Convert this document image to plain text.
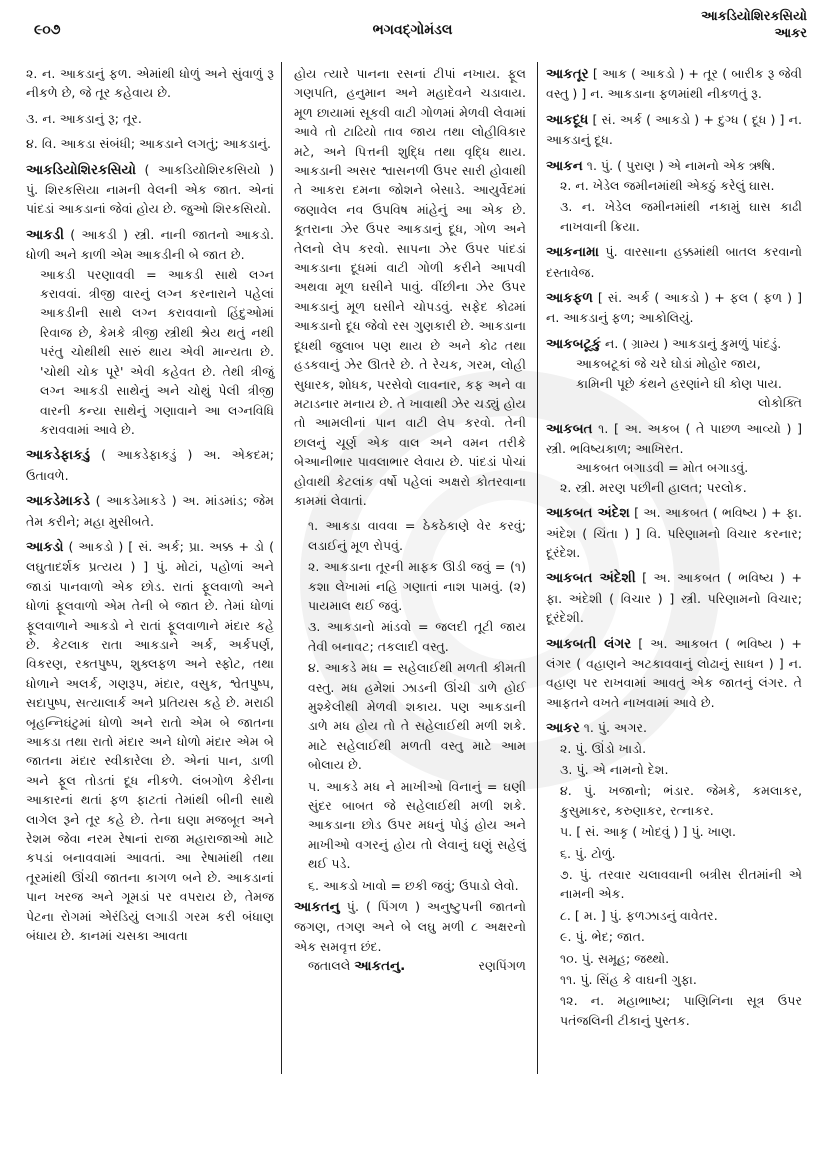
૯૦૭	ભગવદ્ગોમંડલ
આકડિયોશિરકસિયો
આકર

૨. ન. આકડાનું ફળ. એમાંથી ધોળું અને સુંવાળું રૂ નીકળે છે, જે તૂર કહેવાય છે.

૩. ન. આકડાનું રૂ; તૂર.

૪. વિ. આકડા સંબંધી; આકડાને લગતું; આકડાનું.

આકડિયોશિરકસિયો ( આકડિયોશિરકસિયો ) પું. શિરકસિયા નામની વેલની એક જાત. એનાં પાંદડાં આકડાનાં જેવાં હોય છે. જુઓ શિરકસિયો.
આકડી ( આકડી ) સ્ત્રી. નાની જાતનો આકડો. ધોળી અને કાળી એમ આકડીની બે જાત છે.

આકડી પરણાવવી = આકડી સાથે લગ્ન કરાવવાં. ત્રીજી વારનું લગ્ન કરનારાને પહેલાં આકડીની સાથે લગ્ન કરાવવાનો હિંદુઓમાં રિવાજ છે, કેમકે ત્રીજી સ્ત્રીથી શ્રેય થતું નથી પરંતુ ચોથીથી સારું થાય એવી માન્યતા છે. 'ચોથી ચોક પૂરે' એવી કહેવત છે. તેથી ત્રીજું લગ્ન આકડી સાથેનું અને ચોથું પેલી ત્રીજી વારની કન્યા સાથેનું ગણાવાને આ લગ્નવિધિ કરાવવામાં આવે છે.

આકડેફાકડું ( આકડેફાકડું ) અ. એકદમ; ઉતાવળે.
આકડેમાકડે ( આકડેમાકડે ) અ. માંડમાંડ; જેમ તેમ કરીને; મહા મુસીબતે.
આકડો ( આકડો ) [ સં. અર્ક; પ્રા. અક્ક + ડો ( લઘુતાદર્શક પ્રત્યય ) ] પું. મોટાં, પહોળાં અને જાડાં પાનવાળો એક છોડ. રાતાં ફૂલવાળો અને ધોળાં ફૂલવાળો એમ તેની બે જાત છે. તેમાં ધોળાં ફૂલવાળાને આકડો ને રાતાં ફૂલવાળાને મંદાર કહે છે. કેટલાક રાતા આકડાને અર્ક, અર્કપર્ણ, વિકરણ, રક્તપુષ્પ, શુક્લફળ અને સ્ફોટ, તથા ધોળાને અલર્ક, ગણરૂપ, મંદાર, વસુક, શ્વેતપુષ્પ, સદાપુષ્પ, સત્યાલાર્ક અને પ્રતિયસ કહે છે. મરાઠી બૃહન્નિઘંટુમાં ધોળો અને રાતો એમ બે જાતના આકડા તથા રાતો મંદાર અને ધોળો મંદાર એમ બે જાતના મંદાર સ્વીકારેલા છે. એનાં પાન, ડાળી અને ફૂલ તોડતાં દૂધ નીકળે. લંબગોળ કેરીના આકારનાં થતાં ફળ ફાટતાં તેમાંથી બીની સાથે લાગેલ રૂને તૂર કહે છે. તેના ઘણા મજબૂત અને રેશમ જેવા નરમ રેષાનાં રાજા મહારાજાઓ માટે કપડાં બનાવવામાં આવતાં. આ રેષામાંથી તથા તૂરમાંથી ઊંચી જાતના કાગળ બને છે. આકડાનાં પાન ખરજ અને ગૂમડાં પર વપરાય છે, તેમજ પેટના રોગમાં એરંડિયું લગાડી ગરમ કરી બંધાણ બંધાય છે. કાનમાં ચસકા આવતા

હોય ત્યારે પાનના રસનાં ટીપાં નખાય. ફૂલ ગણપતિ, હનુમાન અને મહાદેવને ચડાવાય. મૂળ છાયામાં સૂકવી વાટી ગોળમાં મેળવી લેવામાં આવે તો ટાઢિયો તાવ જાય તથા લોહીવિકાર મટે, અને પિત્તની શુદ્ધિ તથા વૃદ્ધિ થાય. આકડાની અસર શ્વાસનળી ઉપર સારી હોવાથી તે આકરા દમના જોશને બેસાડે. આયુર્વેદમાં જણાવેલ નવ ઉપવિષ માંહેનું આ એક છે. કૂતરાના ઝેર ઉપર આકડાનું દૂધ, ગોળ અને તેલનો લેપ કરવો. સાપના ઝેર ઉપર પાંદડાં આકડાના દૂધમાં વાટી ગોળી કરીને આપવી અથવા મૂળ ઘસીને પાવું. વીંછીના ઝેર ઉપર આકડાનું મૂળ ઘસીને ચોપડવું. સફેદ કોઢમાં આકડાનો દૂધ જેવો રસ ગુણકારી છે. આકડાના દૂધથી જુલાબ પણ થાય છે અને કોઢ તથા હડકવાનું ઝેર ઊતરે છે. તે રેચક, ગરમ, લોહી સુધારક, શોધક, પરસેવો લાવનાર, કફ અને વા મટાડનાર મનાય છે. તે ખાવાથી ઝેર ચડ્યું હોય તો આમલીનાં પાન વાટી લેપ કરવો. તેની છાલનું ચૂર્ણ એક વાલ અને વમન તરીકે બેઆનીભાર પાવલાભાર લેવાય છે. પાંદડાં પોચાં હોવાથી કેટલાંક વર્ષો પહેલાં અક્ષરો કોતરવાના કામમાં લેવાતાં.

૧. આકડા વાવવા = ઠેકઠેકાણે વેર કરવું; લડાઈનું મૂળ રોપવું.

૨. આકડાના તૂરની માફક ઊડી જવું = (૧) કશા લેખામાં નહિ ગણાતાં નાશ પામવું. (૨) પાયમાલ થઈ જવું.

૩. આકડાનો માંડવો = જલદી તૂટી જાય તેવી બનાવટ; તકલાદી વસ્તુ.

૪. આકડે મધ = સહેલાઈથી મળતી કીમતી વસ્તુ. મધ હમેશાં ઝાડની ઊંચી ડાળે હોઈ મુશ્કેલીથી મેળવી શકાય. પણ આકડાની ડાળે મધ હોય તો તે સહેલાઈથી મળી શકે. માટે સહેલાઈથી મળતી વસ્તુ માટે આમ બોલાય છે.

૫. આકડે મધ ને માખીઓ વિનાનું = ઘણી સુંદર બાબત જે સહેલાઈથી મળી શકે. આકડાના છોડ ઉપર મધનું પોડું હોય અને માખીઓ વગરનું હોય તો લેવાનું ઘણું સહેલું થઈ પડે.

૬. આકડો ખાવો = છકી જવું; ઉપાડો લેવો.

આકતનુ પું. ( પિંગળ ) અનુષ્ટુપની જાતનો જગણ, તગણ અને બે લઘુ મળી ૮ અક્ષરનો એક સમવૃત્ત છંદ.
જતાલલે આકતનુ.	રણપિંગળ
આકતૂર [ આક ( આકડો ) + તૂર ( બારીક રૂ જેવી વસ્તુ ) ] ન. આકડાના ફળમાંથી નીકળતું રૂ.
આકદૂધ [ સં. અર્ક ( આકડો ) + દુગ્ધ ( દૂધ ) ] ન. આકડાનું દૂધ.
આકન ૧. પું. ( પુરાણ ) એ નામનો એક ઋષિ.

૨. ન. ખેડેલ જમીનમાંથી એકઠું કરેલું ઘાસ.

૩. ન. ખેડેલ જમીનમાંથી નકામું ઘાસ કાઢી નાખવાની ક્રિયા.

આકનામા પું. વારસાના હક્કમાંથી બાતલ કરવાનો દસ્તાવેજ.
આકફળ [ સં. અર્ક ( આકડો ) + ફલ ( ફળ ) ] ન. આકડાનું ફળ; આકોલિયું.
આકબટૂકું ન. ( ગ્રામ્ય ) આકડાનું કુમળું પાંદડું.

આકબટૂકાં જે ચરે ઘોડાં મોહોર જાય,

કામિની પૂછે કંથને હરણાંને ઘી કોણ પાય.

લોકોક્તિ

આકબત ૧. [ અ. અકબ ( તે પાછળ આવ્યો ) ] સ્ત્રી. ભવિષ્યકાળ; આખિરત.

આકબત બગાડવી = મોત બગાડવું.

૨. સ્ત્રી. મરણ પછીની હાલત; પરલોક.

આકબત અંદેશ [ અ. આકબત ( ભવિષ્ય ) + ફા. અંદેશ ( ચિંતા ) ] વિ. પરિણામનો વિચાર કરનાર; દૂરંદેશ.
આકબત અંદેશી [ અ. આકબત ( ભવિષ્ય ) + ફા. અંદેશી ( વિચાર ) ] સ્ત્રી. પરિણામનો વિચાર; દૂરંદેશી.
આકબતી લંગર [ અ. આકબત ( ભવિષ્ય ) + લંગર ( વહાણને અટકાવવાનું લોઢાનું સાધન ) ] ન. વહાણ પર રાખવામાં આવતું એક જાતનું લંગર. તે આફતને વખતે નાખવામાં આવે છે.
આકર ૧. પું. અગર.

૨. પું. ઊંડો ખાડો.

૩. પું. એ નામનો દેશ.

૪. પું. ખજાનો; ભંડાર. જેમકે, કમલાકર, કુસુમાકર, કરુણાકર, રત્નાકર.

૫. [ સં. આકૃ ( ખોદવું ) ] પું. ખાણ.

૬. પું. ટોળું.

૭. પું. તરવાર ચલાવવાની બત્રીસ રીતમાંની એ નામની એક.

૮. [ મ. ] પું. ફળઝાડનું વાવેતર.

૯. પું. ભેદ; જાત.

૧૦. પું. સમૂહ; જથ્થો.

૧૧. પું. સિંહ કે વાઘની ગુફા.

૧૨. ન. મહાભાષ્ય; પાણિનિના સૂત્ર ઉપર પતંજલિની ટીકાનું પુસ્તક.
